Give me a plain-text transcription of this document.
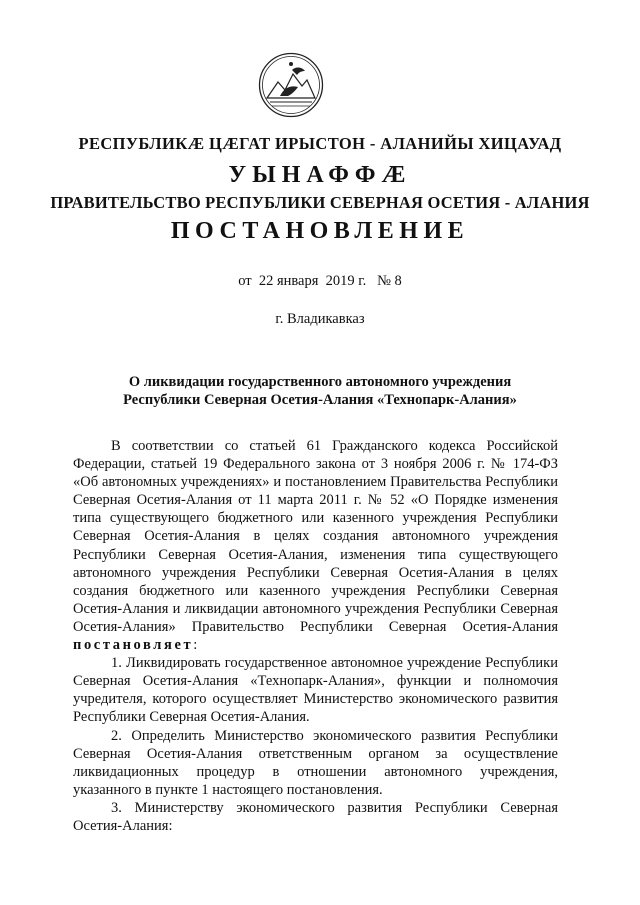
РЕСПУБЛИКӔ ЦӔГАТ ИРЫСТОН - АЛАНИЙЫ ХИЦАУАД
УЫНАФФӔ
ПРАВИТЕЛЬСТВО РЕСПУБЛИКИ СЕВЕРНАЯ ОСЕТИЯ - АЛАНИЯ
ПОСТАНОВЛЕНИЕ
от  22 января  2019 г.   № 8
г. Владикавказ
О ликвидации государственного автономного учреждения
Республики Северная Осетия-Алания «Технопарк-Алания»

В соответствии со статьей 61 Гражданского кодекса Российской Федерации, статьей 19 Федерального закона от 3 ноября 2006 г. № 174-ФЗ «Об автономных учреждениях» и постановлением Правительства Республики Северная Осетия-Алания от 11 марта 2011 г. № 52 «О Порядке изменения типа существующего бюджетного или казенного учреждения Республики Северная Осетия-Алания в целях создания автономного учреждения Республики Северная Осетия-Алания, изменения типа существующего автономного учреждения Республики Северная Осетия-Алания в целях создания бюджетного или казенного учреждения Республики Северная Осетия-Алания и ликвидации автономного учреждения Республики Северная Осетия-Алания» Правительство Республики Северная Осетия-Алания постановляет:

1. Ликвидировать государственное автономное учреждение Республики Северная Осетия-Алания «Технопарк-Алания», функции и полномочия учредителя, которого осуществляет Министерство экономического развития Республики Северная Осетия-Алания.

2. Определить Министерство экономического развития Республики Северная Осетия-Алания ответственным органом за осуществление ликвидационных процедур в отношении автономного учреждения, указанного в пункте 1 настоящего постановления.

3. Министерству экономического развития Республики Северная Осетия-Алания:
